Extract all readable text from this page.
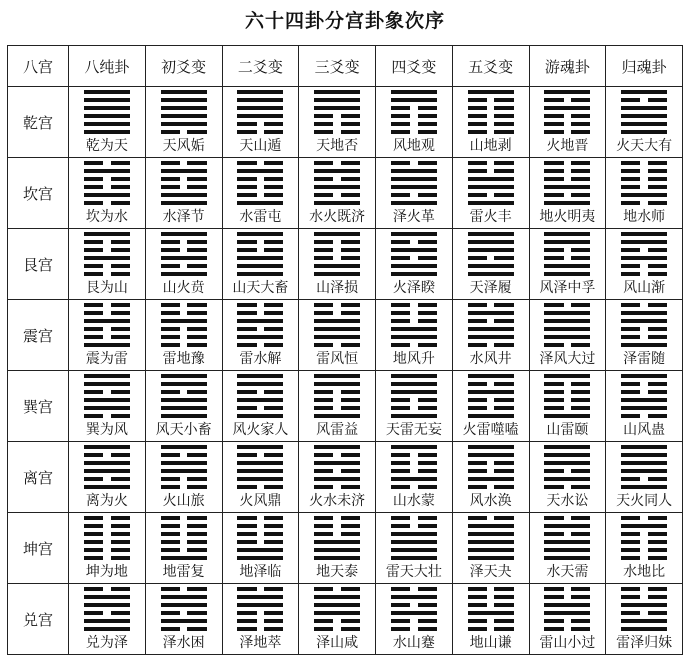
六十四卦分宫卦象次序
八宫	八纯卦	初爻变	二爻变	三爻变	四爻变	五爻变	游魂卦	归魂卦
乾宫	乾为天	天风姤	天山遁	天地否	风地观	山地剥	火地晋	火天大有

坎宫	坎为水	水泽节	水雷屯	水火既济	泽火革	雷火丰	地火明夷	地水师

艮宫	艮为山	山火贲	山天大畜	山泽损	火泽睽	天泽履	风泽中孚	风山渐

震宫	震为雷	雷地豫	雷水解	雷风恒	地风升	水风井	泽风大过	泽雷随

巽宫	巽为风	风天小畜	风火家人	风雷益	天雷无妄	火雷噬嗑	山雷颐	山风蛊

离宫	离为火	火山旅	火风鼎	火水未济	山水蒙	风水涣	天水讼	天火同人

坤宫	坤为地	地雷复	地泽临	地天泰	雷天大壮	泽天夬	水天需	水地比

兑宫	兑为泽	泽水困	泽地萃	泽山咸	水山蹇	地山谦	雷山小过	雷泽归妹
